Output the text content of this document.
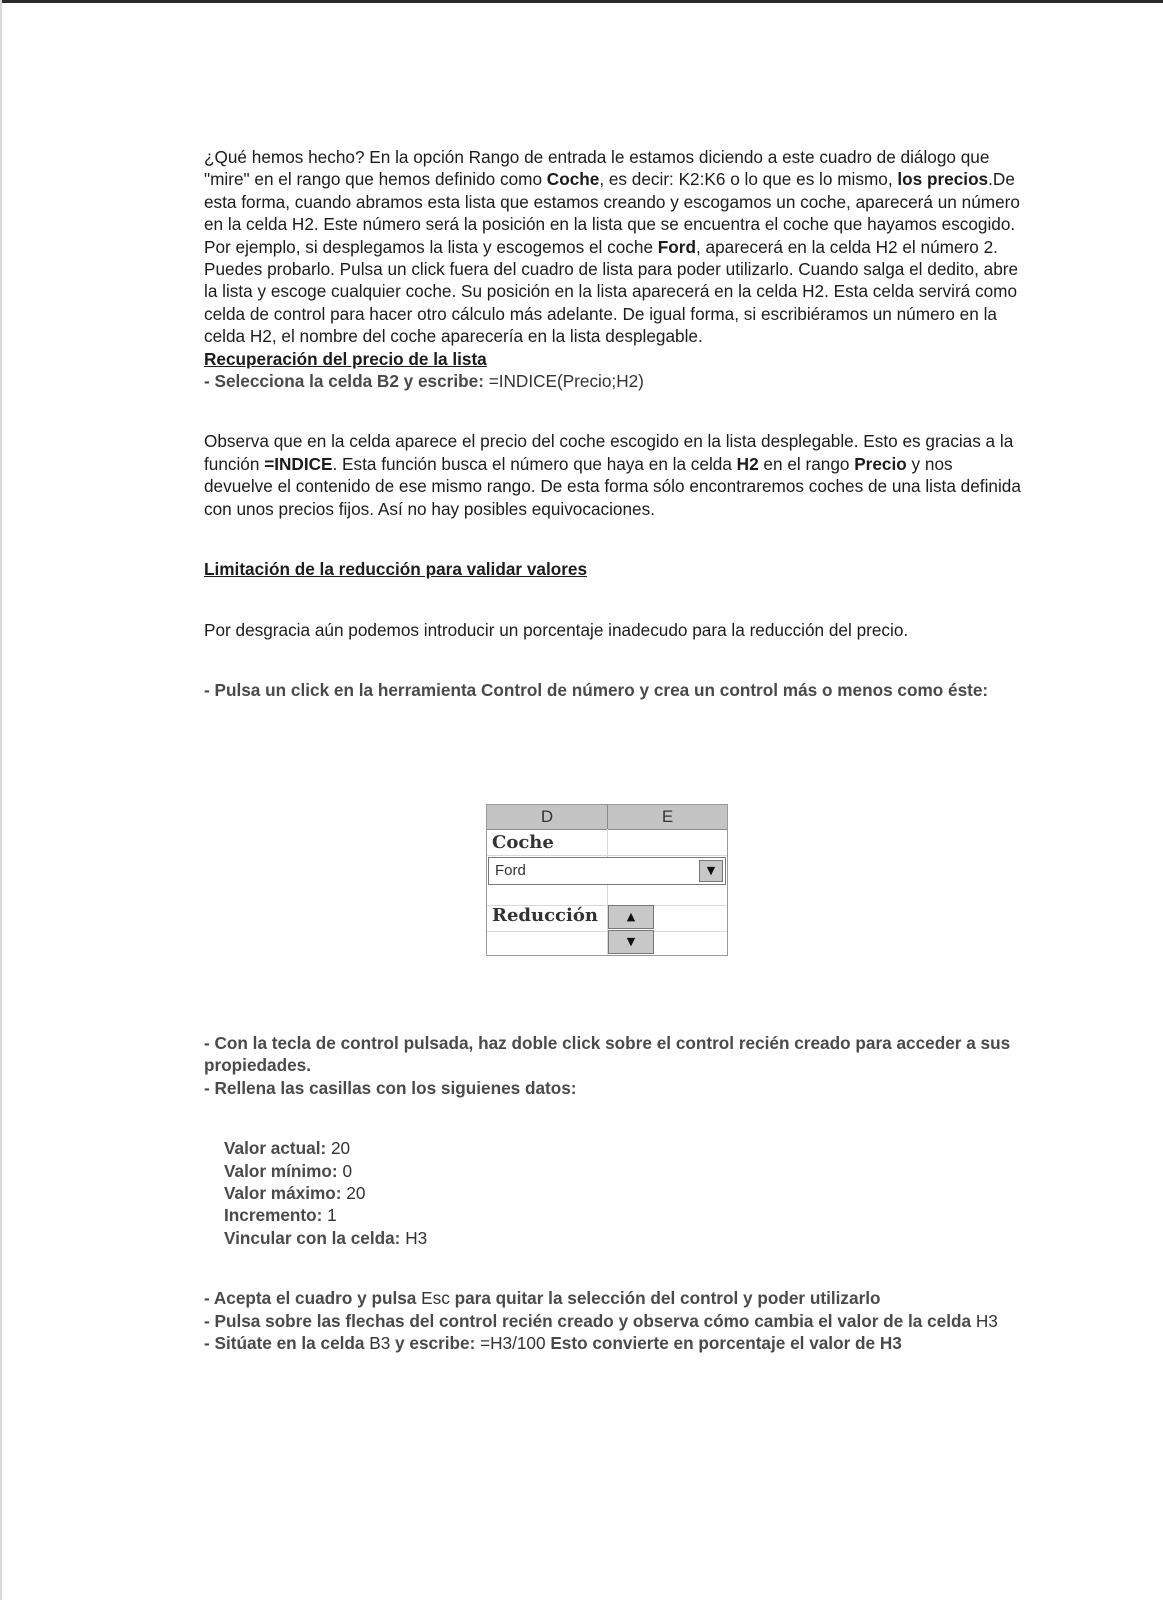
¿Qué hemos hecho? En la opción Rango de entrada le estamos diciendo a este cuadro de diálogo que "mire" en el rango que hemos definido como Coche, es decir: K2:K6 o lo que es lo mismo, los precios.De esta forma, cuando abramos esta lista que estamos creando y escogamos un coche, aparecerá un número en la celda H2. Este número será la posición en la lista que se encuentra el coche que hayamos escogido. Por ejemplo, si desplegamos la lista y escogemos el coche Ford, aparecerá en la celda H2 el número 2. Puedes probarlo. Pulsa un click fuera del cuadro de lista para poder utilizarlo. Cuando salga el dedito, abre la lista y escoge cualquier coche. Su posición en la lista aparecerá en la celda H2. Esta celda servirá como celda de control para hacer otro cálculo más adelante. De igual forma, si escribiéramos un número en la celda H2, el nombre del coche aparecería en la lista desplegable.

Recuperación del precio de la lista

- Selecciona la celda B2 y escribe: =INDICE(Precio;H2)

Observa que en la celda aparece el precio del coche escogido en la lista desplegable. Esto es gracias a la función =INDICE. Esta función busca el número que haya en la celda H2 en el rango Precio y nos devuelve el contenido de ese mismo rango. De esta forma sólo encontraremos coches de una lista definida con unos precios fijos. Así no hay posibles equivocaciones.

Limitación de la reducción para validar valores

Por desgracia aún podemos introducir un porcentaje inadecudo para la reducción del precio.

- Pulsa un click en la herramienta Control de número y crea un control más o menos como éste:

D	E
Coche
Ford	▼
Reducción	▲
▼

- Con la tecla de control pulsada, haz doble click sobre el control recién creado para acceder a sus propiedades.

- Rellena las casillas con los siguienes datos:

Valor actual: 20
Valor mínimo: 0
Valor máximo: 20
Incremento: 1
Vincular con la celda: H3

- Acepta el cuadro y pulsa Esc para quitar la selección del control y poder utilizarlo

- Pulsa sobre las flechas del control recién creado y observa cómo cambia el valor de la celda H3

- Sitúate en la celda B3 y escribe: =H3/100 Esto convierte en porcentaje el valor de H3
